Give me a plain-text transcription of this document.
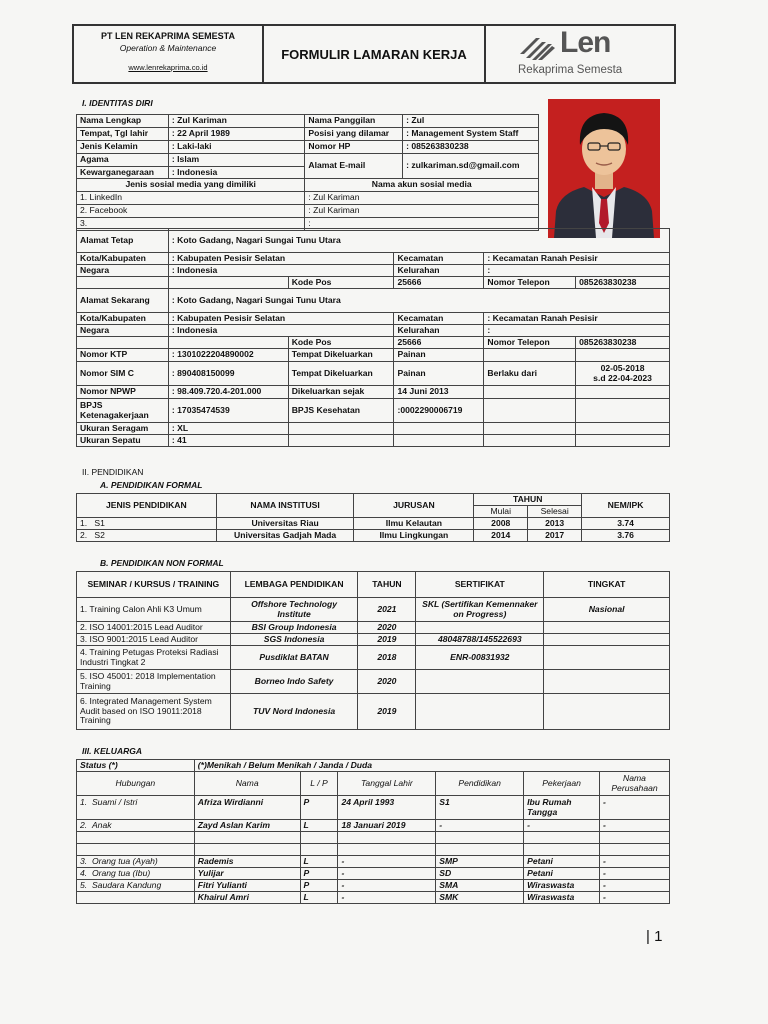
PT LEN REKAPRIMA SEMESTA
Operation & Maintenance
www.lenrekaprima.co.id
FORMULIR LAMARAN KERJA	Len
Rekaprima Semesta
I. IDENTITAS DIRI
Nama Lengkap	: Zul Kariman	Nama Panggilan	: Zul
Tempat, Tgl lahir	: 22 April 1989	Posisi yang dilamar	: Management System Staff
Jenis Kelamin	: Laki-laki	Nomor HP	: 085263830238
Agama	: Islam	Alamat E-mail	: zulkariman.sd@gmail.com
Kewarganegaraan	: Indonesia		
Jenis sosial media yang dimiliki		Nama akun sosial media	
1. LinkedIn		: Zul Kariman	
2. Facebook		: Zul Kariman	
3.		:	
Alamat Tetap	: Koto Gadang, Nagari Sungai Tunu Utara				
Kota/Kabupaten	: Kabupaten Pesisir Selatan		Kecamatan	: Kecamatan Ranah Pesisir	
Negara	: Indonesia		Kelurahan	:	
		Kode Pos	25666	Nomor Telepon	085263830238
Alamat Sekarang	: Koto Gadang, Nagari Sungai Tunu Utara				
Kota/Kabupaten	: Kabupaten Pesisir Selatan		Kecamatan	: Kecamatan Ranah Pesisir	
Negara	: Indonesia		Kelurahan	:	
		Kode Pos	25666	Nomor Telepon	085263830238
Nomor KTP	: 1301022204890002	Tempat Dikeluarkan	Painan		
Nomor SIM C	: 890408150099	Tempat Dikeluarkan	Painan	Berlaku dari	02-05-2018
s.d 22-04-2023

Nomor NPWP	: 98.409.720.4-201.000	Dikeluarkan sejak	14 Juni 2013		
BPJS Ketenagakerjaan	: 17035474539	BPJS Kesehatan	:0002290006719		
Ukuran Seragam	: XL				
Ukuran Sepatu	: 41				
II. PENDIDIKAN
A. PENDIDIKAN FORMAL
JENIS PENDIDIKAN	NAMA INSTITUSI	JURUSAN	TAHUN		NEM/IPK
			Mulai	Selesai	
1. S1	Universitas Riau	Ilmu Kelautan	2008	2013	3.74
2. S2	Universitas Gadjah Mada	Ilmu Lingkungan	2014	2017	3.76
B. PENDIDIKAN NON FORMAL
SEMINAR / KURSUS / TRAINING	LEMBAGA PENDIDIKAN	TAHUN	SERTIFIKAT	TINGKAT
1. Training Calon Ahli K3 Umum	Offshore Technology Institute	2021	SKL (Sertifikan Kemennaker on Progress)	Nasional
2. ISO 14001:2015 Lead Auditor	BSI Group Indonesia	2020		
3. ISO 9001:2015 Lead Auditor	SGS Indonesia	2019	48048788/145522693	
4. Training Petugas Proteksi Radiasi Industri Tingkat 2	Pusdiklat BATAN	2018	ENR-00831932	
5. ISO 45001: 2018 Implementation Training	Borneo Indo Safety	2020		
6. Integrated Management System Audit based on ISO 19011:2018 Training	TUV Nord Indonesia	2019		
III. KELUARGA
Status (*)	(*)Menikah / Belum Menikah / Janda / Duda					
Hubungan	Nama	L / P	Tanggal Lahir	Pendidikan	Pekerjaan	Nama Perusahaan
1. Suami / Istri	Afriza Wirdianni	P	24 April 1993	S1	Ibu Rumah Tangga	-
2. Anak	Zayd Aslan Karim	L	18 Januari 2019	-	-	-

3. Orang tua (Ayah)	Rademis	L	-	SMP	Petani	-
4. Orang tua (Ibu)	Yulijar	P	-	SD	Petani	-
5. Saudara Kandung	Fitri Yulianti	P	-	SMA	Wiraswasta	-
	Khairul Amri	L	-	SMK	Wiraswasta	-
| 1
